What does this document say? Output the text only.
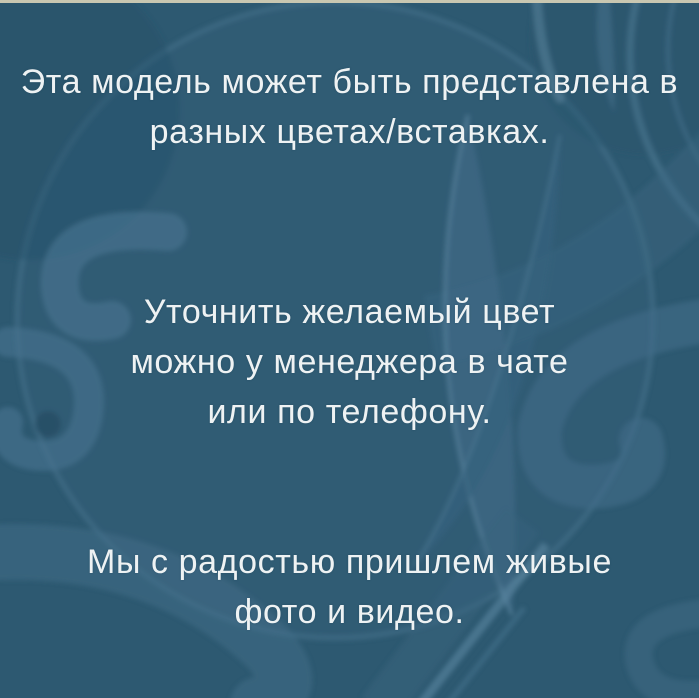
Эта модель может быть представлена в
разных цветах/вставках.
Уточнить желаемый цвет
можно у менеджера в чате
или по телефону.
Мы с радостью пришлем живые
фото и видео.
